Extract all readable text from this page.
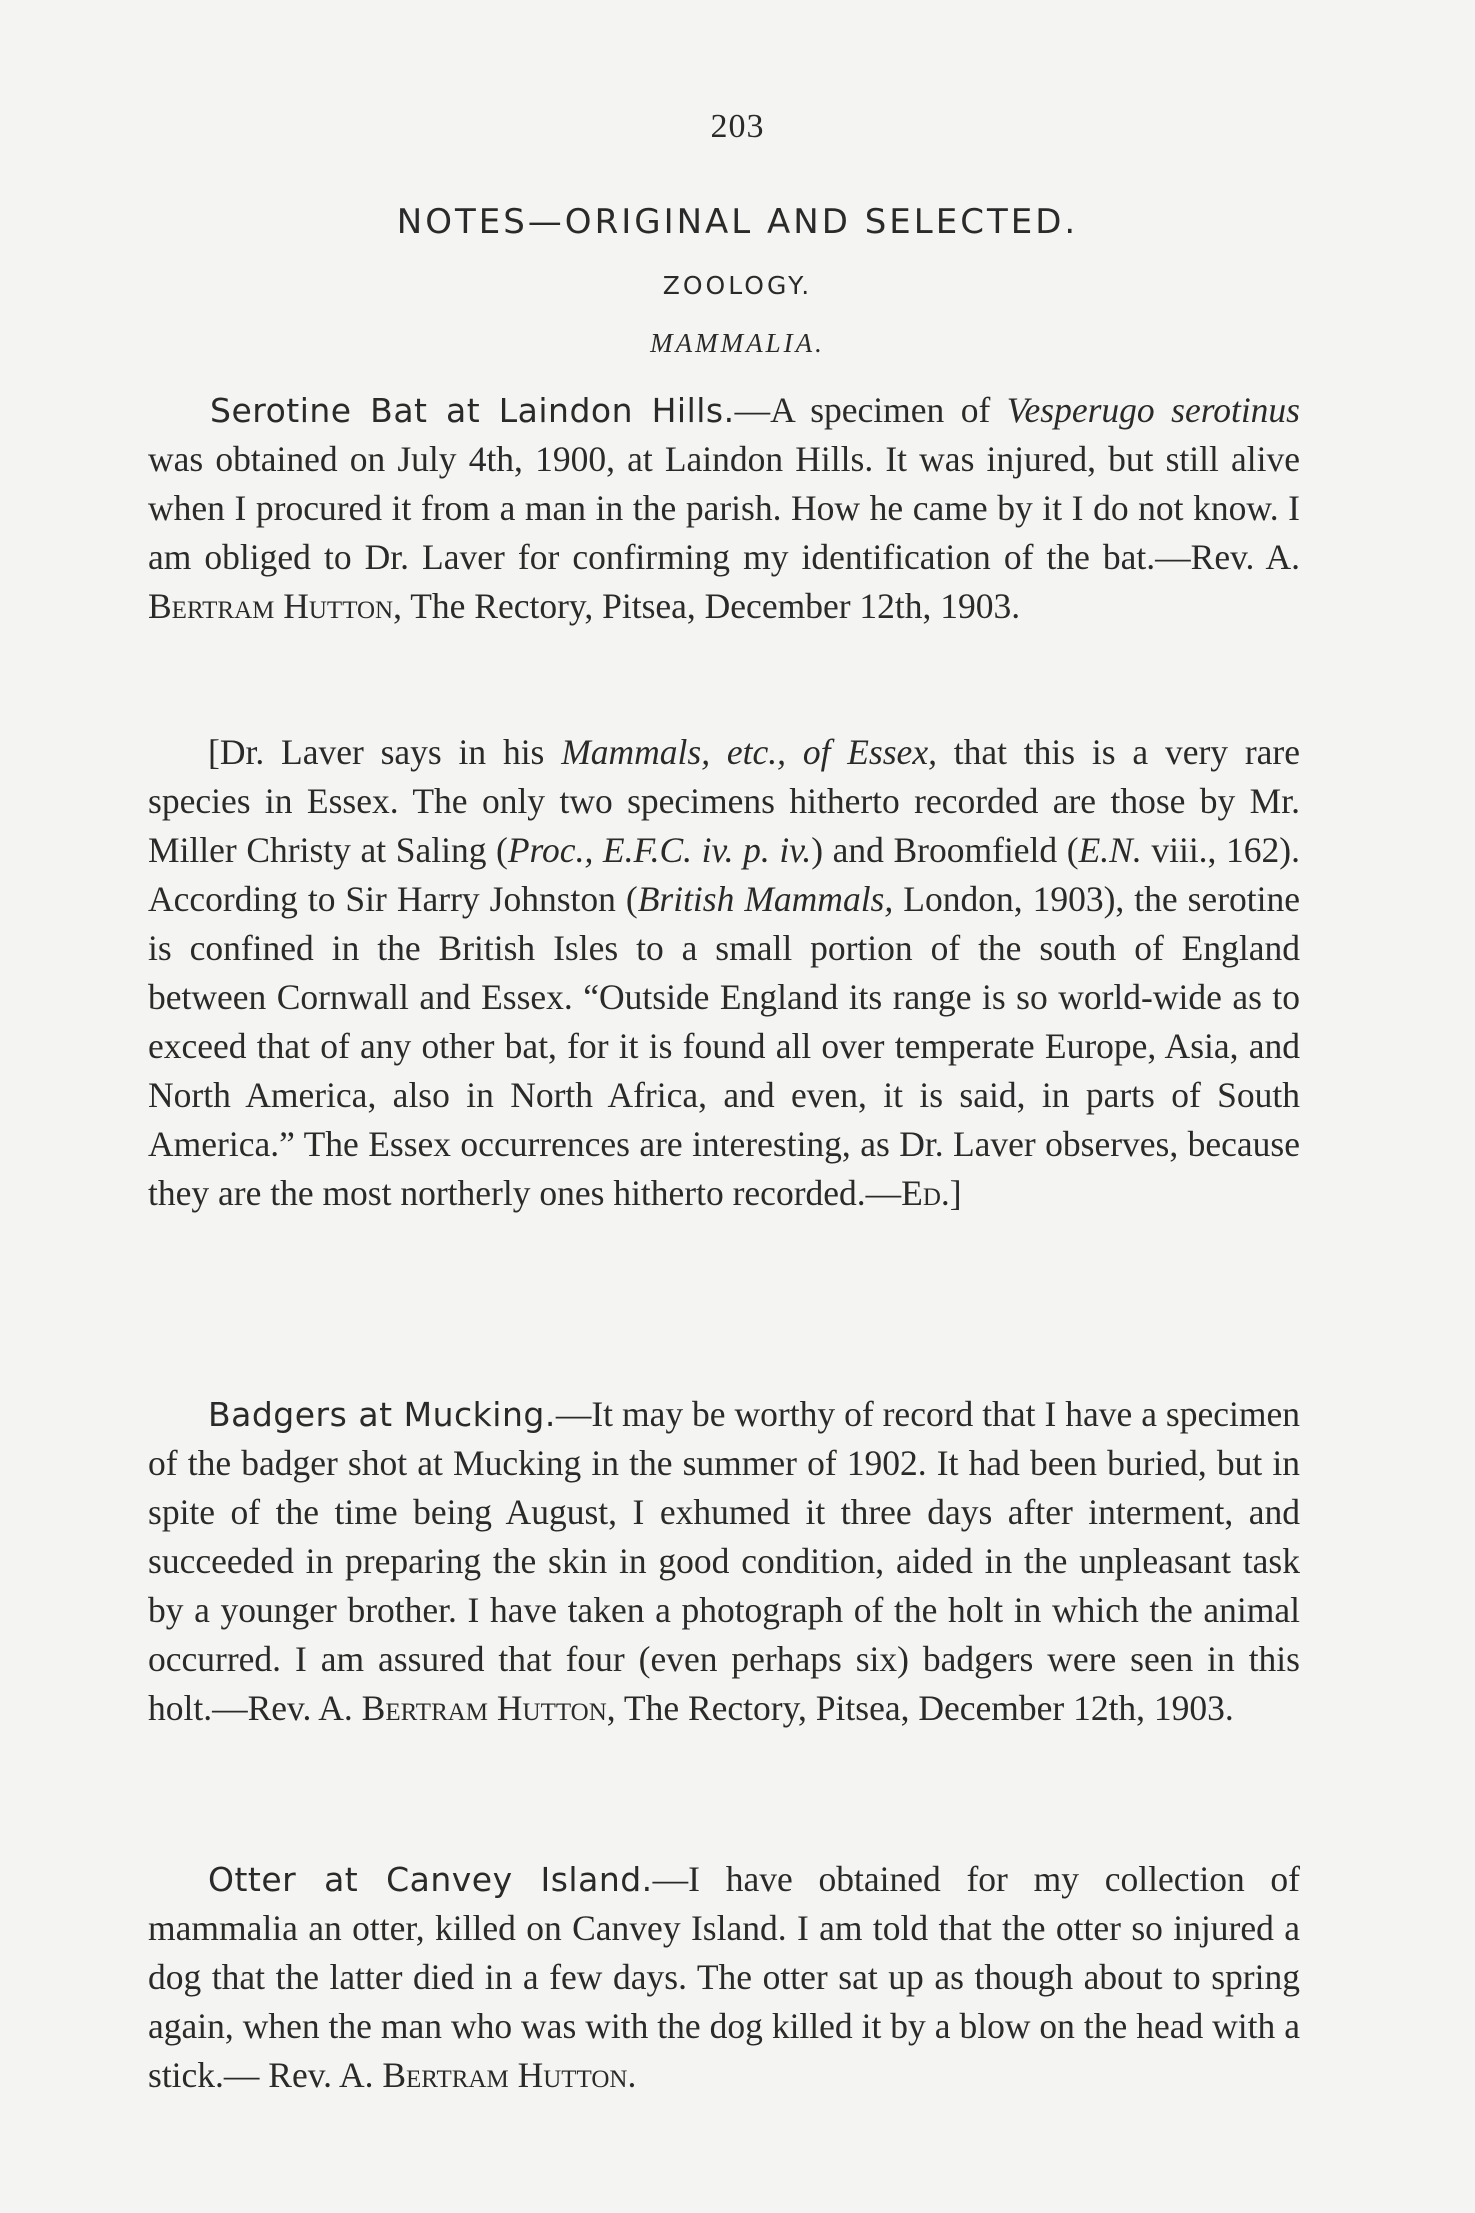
203
NOTES—ORIGINAL AND SELECTED.
ZOOLOGY.
MAMMALIA.

Serotine Bat at Laindon Hills.—A specimen of Vesperugo serotinus was obtained on July 4th, 1900, at Laindon Hills. It was injured, but still alive when I procured it from a man in the parish. How he came by it I do not know. I am obliged to Dr. Laver for confirming my identification of the bat.—Rev. A. Bertram Hutton, The Rectory, Pitsea, December 12th, 1903.

[Dr. Laver says in his Mammals, etc., of Essex, that this is a very rare species in Essex. The only two specimens hitherto recorded are those by Mr. Miller Christy at Saling (Proc., E.F.C. iv. p. iv.) and Broomfield (E.N. viii., 162). According to Sir Harry Johnston (British Mammals, London, 1903), the serotine is confined in the British Isles to a small portion of the south of England between Cornwall and Essex. “Outside England its range is so world-wide as to exceed that of any other bat, for it is found all over temperate Europe, Asia, and North America, also in North Africa, and even, it is said, in parts of South America.” The Essex occurrences are interesting, as Dr. Laver observes, because they are the most northerly ones hitherto recorded.—Ed.]

Badgers at Mucking.—It may be worthy of record that I have a specimen of the badger shot at Mucking in the summer of 1902. It had been buried, but in spite of the time being August, I exhumed it three days after interment, and succeeded in preparing the skin in good condition, aided in the unpleasant task by a younger brother. I have taken a photograph of the holt in which the animal occurred. I am assured that four (even perhaps six) badgers were seen in this holt.—Rev. A. Bertram Hutton, The Rectory, Pitsea, December 12th, 1903.

Otter at Canvey Island.—I have obtained for my collection of mammalia an otter, killed on Canvey Island. I am told that the otter so injured a dog that the latter died in a few days. The otter sat up as though about to spring again, when the man who was with the dog killed it by a blow on the head with a stick.— Rev. A. Bertram Hutton.
